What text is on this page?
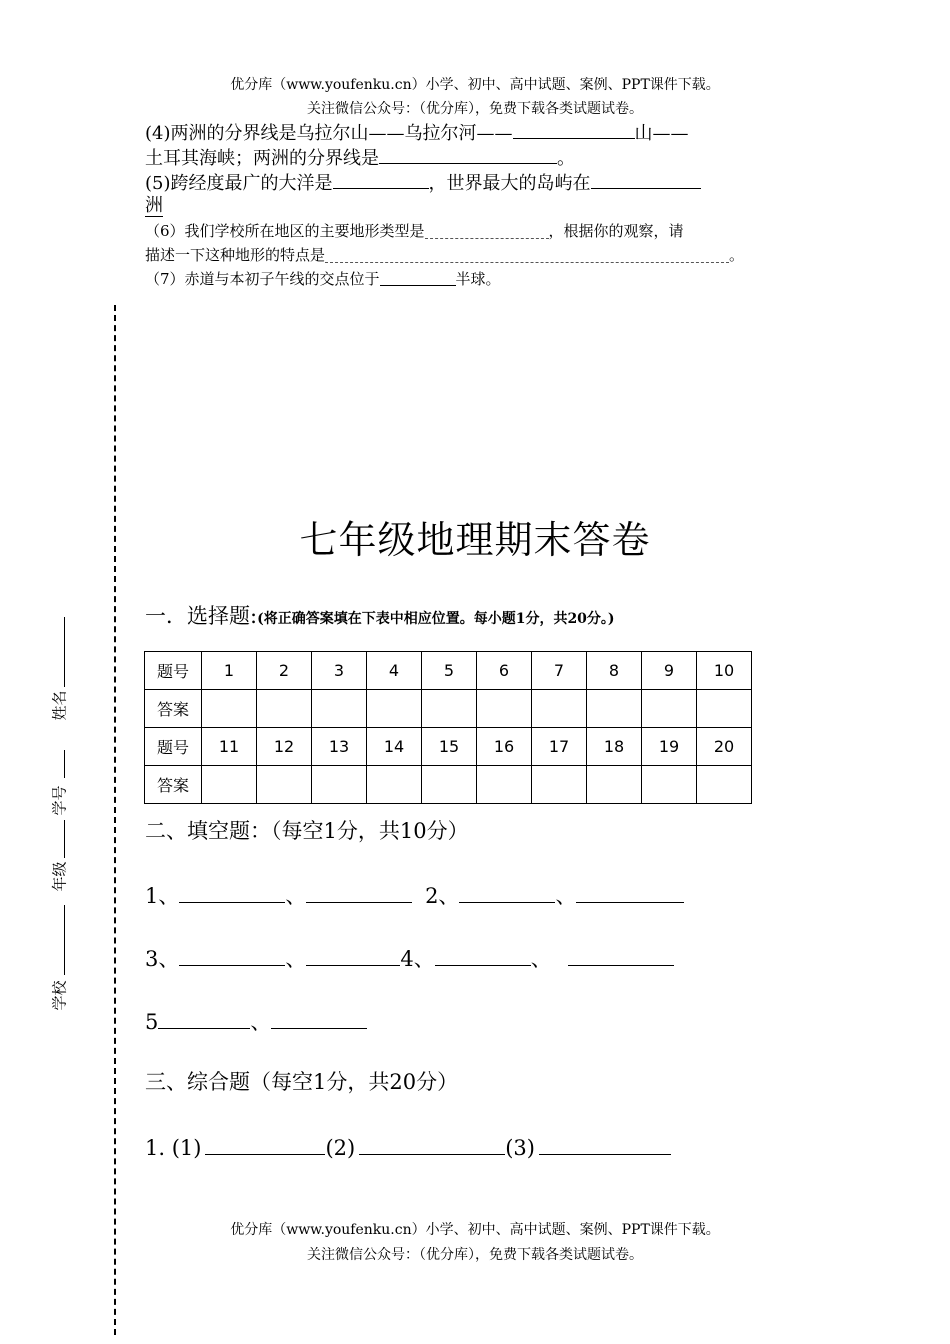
优分库（www.youfenku.cn）小学、初中、高中试题、案例、PPT课件下载。
关注微信公众号：（优分库），免费下载各类试题试卷。
(4)两洲的分界线是乌拉尔山——乌拉尔河——	山——
土耳其海峡；两洲的分界线是	。
(5)跨经度最广的大洋是	，世界最大的岛屿在
洲
（6）我们学校所在地区的主要地形类型是	，根据你的观察，请
描述一下这种地形的特点是	。
（7）赤道与本初子午线的交点位于	半球。
姓名
学号
年级
学校
七年级地理期末答卷
一．选择题:(将正确答案填在下表中相应位置。每小题1分，共20分。)
题号	1	2	3	4	5	6	7	8	9	10
答案										
题号	11	12	13	14	15	16	17	18	19	20
答案										
二、填空题：（每空1分，共10分）
1、	、	2、	、
3、	、	4、	、
5	、
三、综合题（每空1分，共20分）
1. (1)	(2)	(3)
优分库（www.youfenku.cn）小学、初中、高中试题、案例、PPT课件下载。
关注微信公众号：（优分库），免费下载各类试题试卷。
